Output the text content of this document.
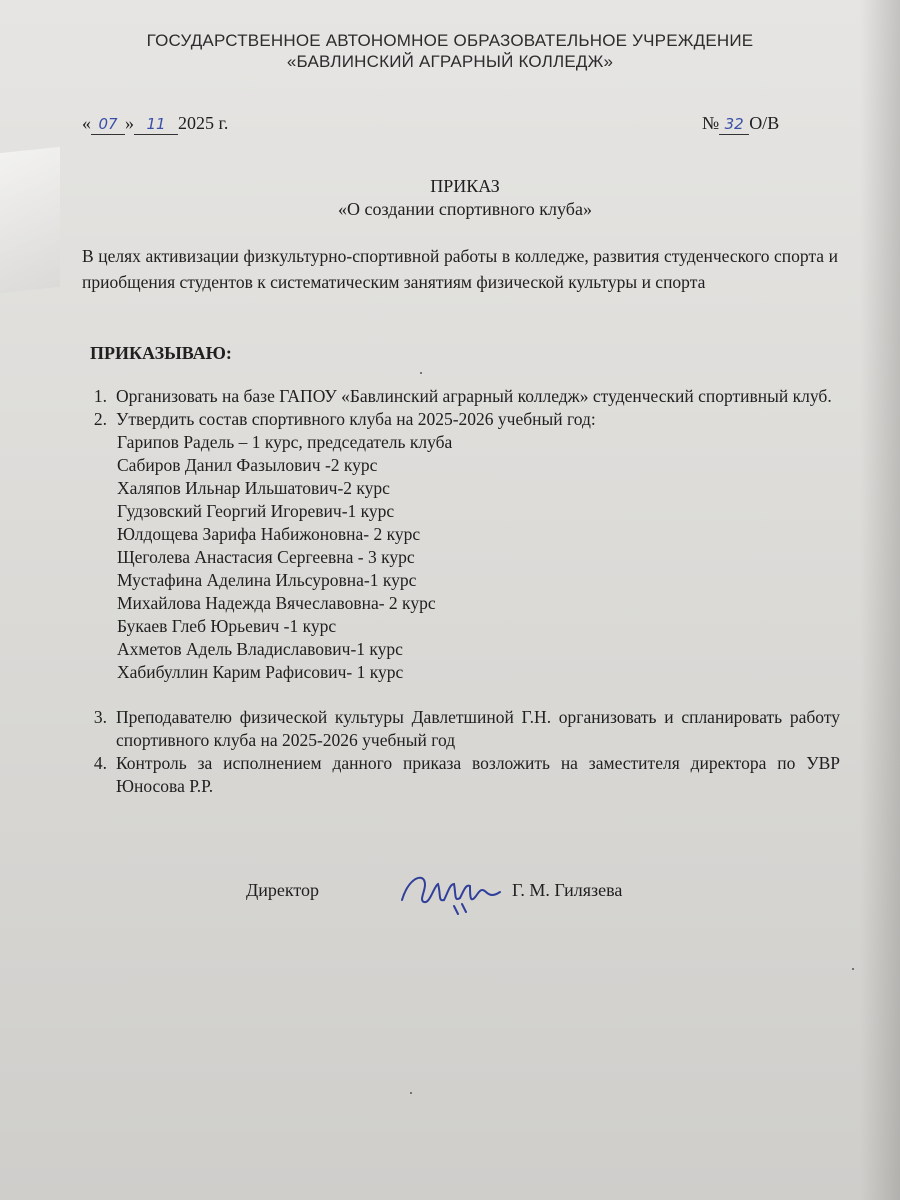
ГОСУДАРСТВЕННОЕ АВТОНОМНОЕ ОБРАЗОВАТЕЛЬНОЕ УЧРЕЖДЕНИЕ
«БАВЛИНСКИЙ АГРАРНЫЙ КОЛЛЕДЖ»
« 07 » 11 2025 г.	№ 32 О/В
ПРИКАЗ
«О создании спортивного клуба»
В целях активизации физкультурно-спортивной работы в колледже, развития студенческого спорта и приобщения студентов к систематическим занятиям физической культуры и спорта
ПРИКАЗЫВАЮ:
1. Организовать на базе ГАПОУ «Бавлинский аграрный колледж» студенческий спортивный клуб.
2. Утвердить состав спортивного клуба на 2025-2026 учебный год:
Гарипов Радель – 1 курс, председатель клуба
Сабиров Данил Фазылович -2 курс
Халяпов Ильнар Ильшатович-2 курс
Гудзовский Георгий Игоревич-1 курс
Юлдощева Зарифа Набижоновна- 2 курс
Щеголева Анастасия Сергеевна - 3 курс
Мустафина Аделина Ильсуровна-1 курс
Михайлова Надежда Вячеславовна- 2 курс
Букаев Глеб Юрьевич -1 курс
Ахметов Адель Владиславович-1 курс
Хабибуллин Карим Рафисович- 1 курс
3. Преподавателю физической культуры Давлетшиной Г.Н. организовать и спланировать работу спортивного клуба на 2025-2026 учебный год
4. Контроль за исполнением данного приказа возложить на заместителя директора по УВР Юносова Р.Р.
Директор	Г. М. Гилязева
